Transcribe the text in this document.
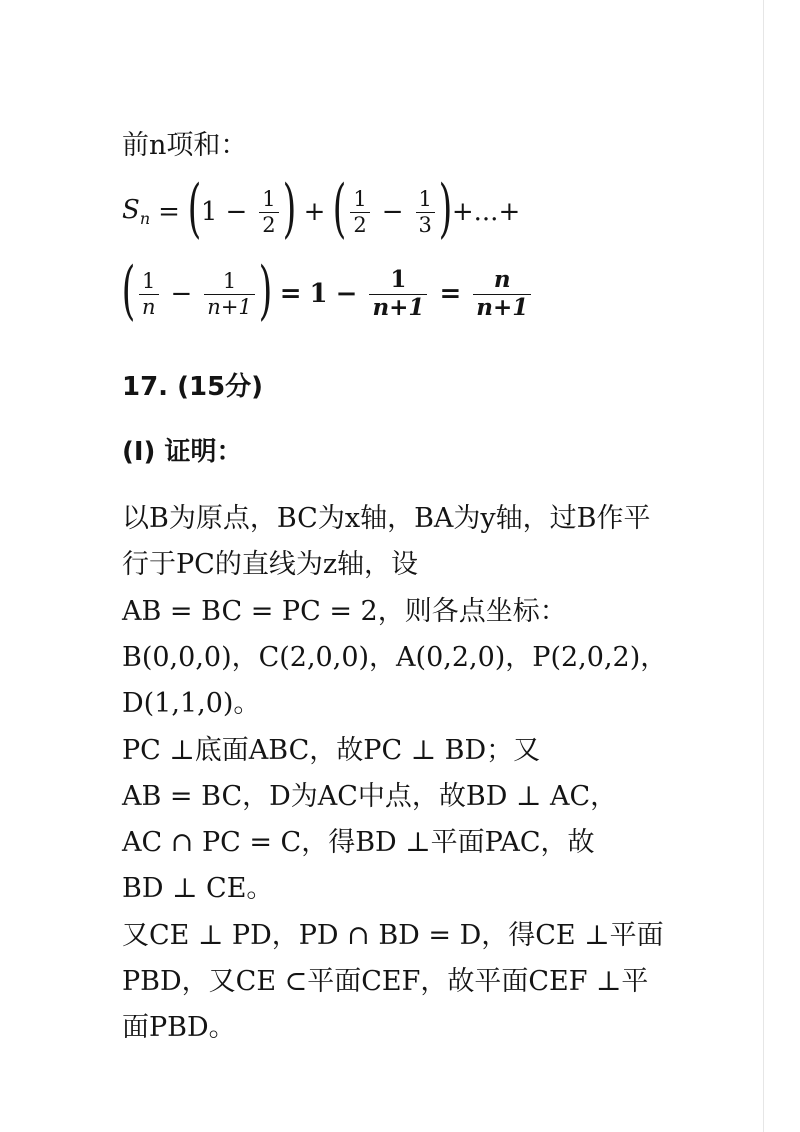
前n项和：
$S_n$ = ( $1 - \frac{1}{2}$ ) + ( $\frac{1}{2} - \frac{1}{3}$ ) +...+
( $\frac{1}{n} - \frac{1}{n+1}$ ) = $1 - \frac{1}{n+1} = \frac{n}{n+1}$
17. (15分)
(I) 证明：
以B为原点，BC为x轴，BA为y轴，过B作平
行于PC的直线为z轴，设
AB = BC = PC = 2，则各点坐标：
B(0,0,0)，C(2,0,0)，A(0,2,0)，P(2,0,2)，
D(1,1,0)。
PC ⊥底面ABC，故PC ⊥ BD；又
AB = BC，D为AC中点，故BD ⊥ AC，
AC ∩ PC = C，得BD ⊥平面PAC，故
BD ⊥ CE。
又CE ⊥ PD，PD ∩ BD = D，得CE ⊥平面
PBD，又CE ⊂平面CEF，故平面CEF ⊥平
面PBD。
